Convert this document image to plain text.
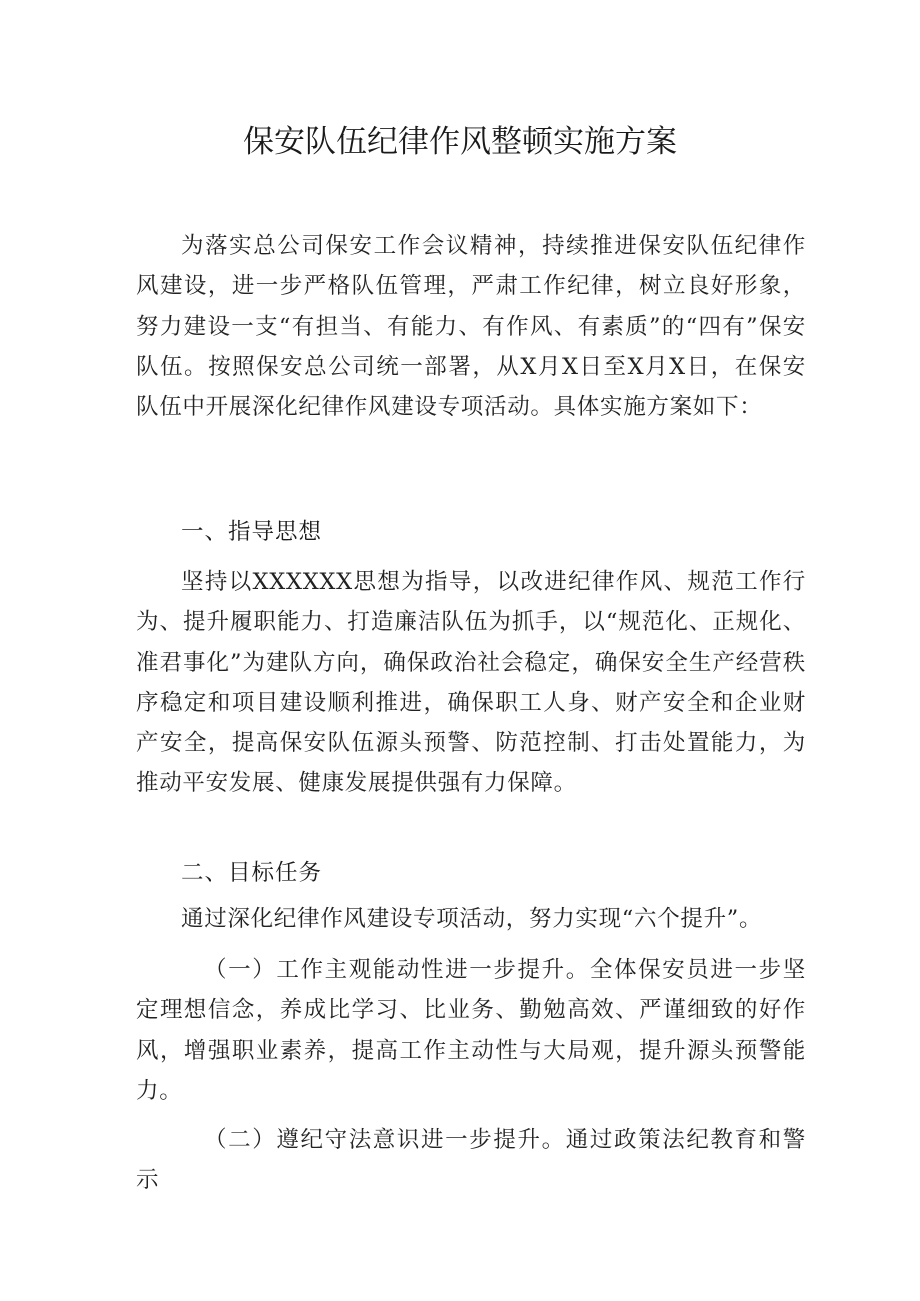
保安队伍纪律作风整顿实施方案

为落实总公司保安工作会议精神，持续推进保安队伍纪律作风建设，进一步严格队伍管理，严肃工作纪律，树立良好形象，努力建设一支“有担当、有能力、有作风、有素质”的“四有”保安队伍。按照保安总公司统一部署，从X月X日至X月X日，在保安队伍中开展深化纪律作风建设专项活动。具体实施方案如下：

一、指导思想

坚持以XXXXXX思想为指导，以改进纪律作风、规范工作行为、提升履职能力、打造廉洁队伍为抓手，以“规范化、正规化、准君事化”为建队方向，确保政治社会稳定，确保安全生产经营秩序稳定和项目建设顺利推进，确保职工人身、财产安全和企业财产安全，提高保安队伍源头预警、防范控制、打击处置能力，为推动平安发展、健康发展提供强有力保障。

二、目标任务

通过深化纪律作风建设专项活动，努力实现“六个提升”。

（一）工作主观能动性进一步提升。全体保安员进一步坚定理想信念，养成比学习、比业务、勤勉高效、严谨细致的好作风，增强职业素养，提高工作主动性与大局观，提升源头预警能力。

（二）遵纪守法意识进一步提升。通过政策法纪教育和警示
